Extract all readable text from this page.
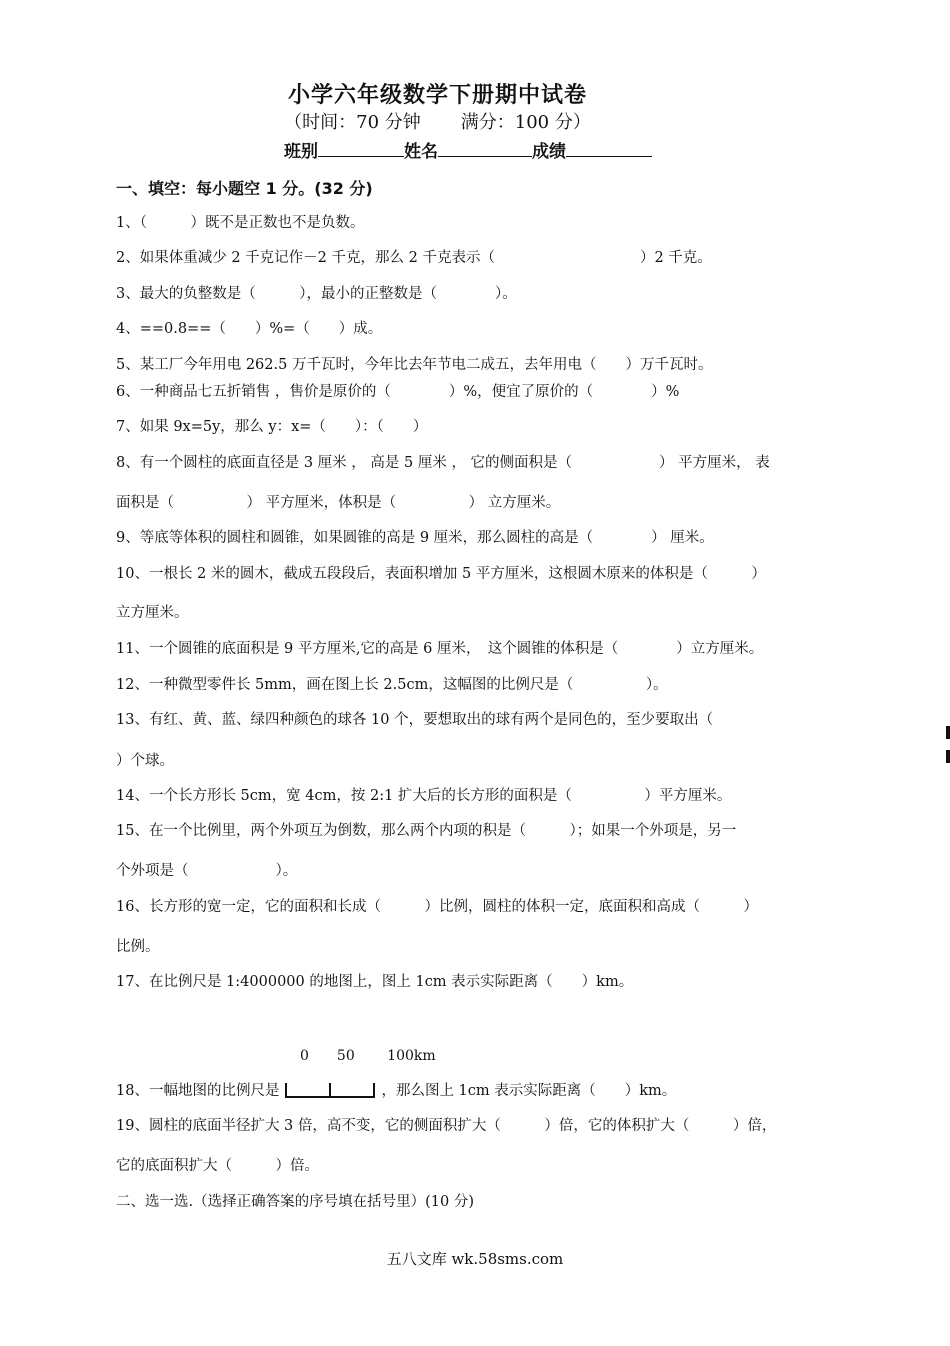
小学六年级数学下册期中试卷
（时间：70 分钟 满分：100 分）
班别	姓名	成绩
一、填空：每小题空 1 分。(32 分)
1、（　　　）既不是正数也不是负数。
2、如果体重减少 2 千克记作－2 千克，那么 2 千克表示（　　　　　　　　　　）2 千克。
3、最大的负整数是（　　　），最小的正整数是（　　　　）。
4、==0.8==（　　）%=（　　）成。
5、某工厂今年用电 262.5 万千瓦时，今年比去年节电二成五，去年用电（　　）万千瓦时。
6、一种商品七五折销售 ，售价是原价的（　　　　）%，便宜了原价的（　　　　）%
7、如果 9x=5y，那么 y：x=（　　）：（　　）
8、有一个圆柱的底面直径是 3 厘米 ， 高是 5 厘米 ， 它的侧面积是（　　　　　　） 平方厘米， 表
面积是（　　　　　） 平方厘米，体积是（　　　　　） 立方厘米。
9、等底等体积的圆柱和圆锥，如果圆锥的高是 9 厘米，那么圆柱的高是（　　　　） 厘米。
10、一根长 2 米的圆木，截成五段段后，表面积增加 5 平方厘米，这根圆木原来的体积是（　　　）
立方厘米。
11、一个圆锥的底面积是 9 平方厘米,它的高是 6 厘米，　这个圆锥的体积是（　　　　）立方厘米。
12、一种微型零件长 5mm，画在图上长 2.5cm，这幅图的比例尺是（　　　　　）。
13、有红、黄、蓝、绿四种颜色的球各 10 个，要想取出的球有两个是同色的，至少要取出（
）个球。
14、一个长方形长 5cm，宽 4cm，按 2:1 扩大后的长方形的面积是（　　　　　）平方厘米。
15、在一个比例里，两个外项互为倒数，那么两个内项的积是（　　　）；如果一个外项是，另一
个外项是（　　　　　　）。
16、长方形的宽一定，它的面积和长成（　　　）比例，圆柱的体积一定，底面积和高成（　　　）
比例。
17、在比例尺是 1:4000000 的地图上，图上 1cm 表示实际距离（　　）km。
0　　50　　 100km
18、一幅地图的比例尺是	，那么图上 1cm 表示实际距离（　　）km。
19、圆柱的底面半径扩大 3 倍，高不变，它的侧面积扩大（　　　）倍，它的体积扩大（　　　）倍，
它的底面积扩大（　　　）倍。
二、选一选.（选择正确答案的序号填在括号里）(10 分)
五八文库 wk.58sms.com
